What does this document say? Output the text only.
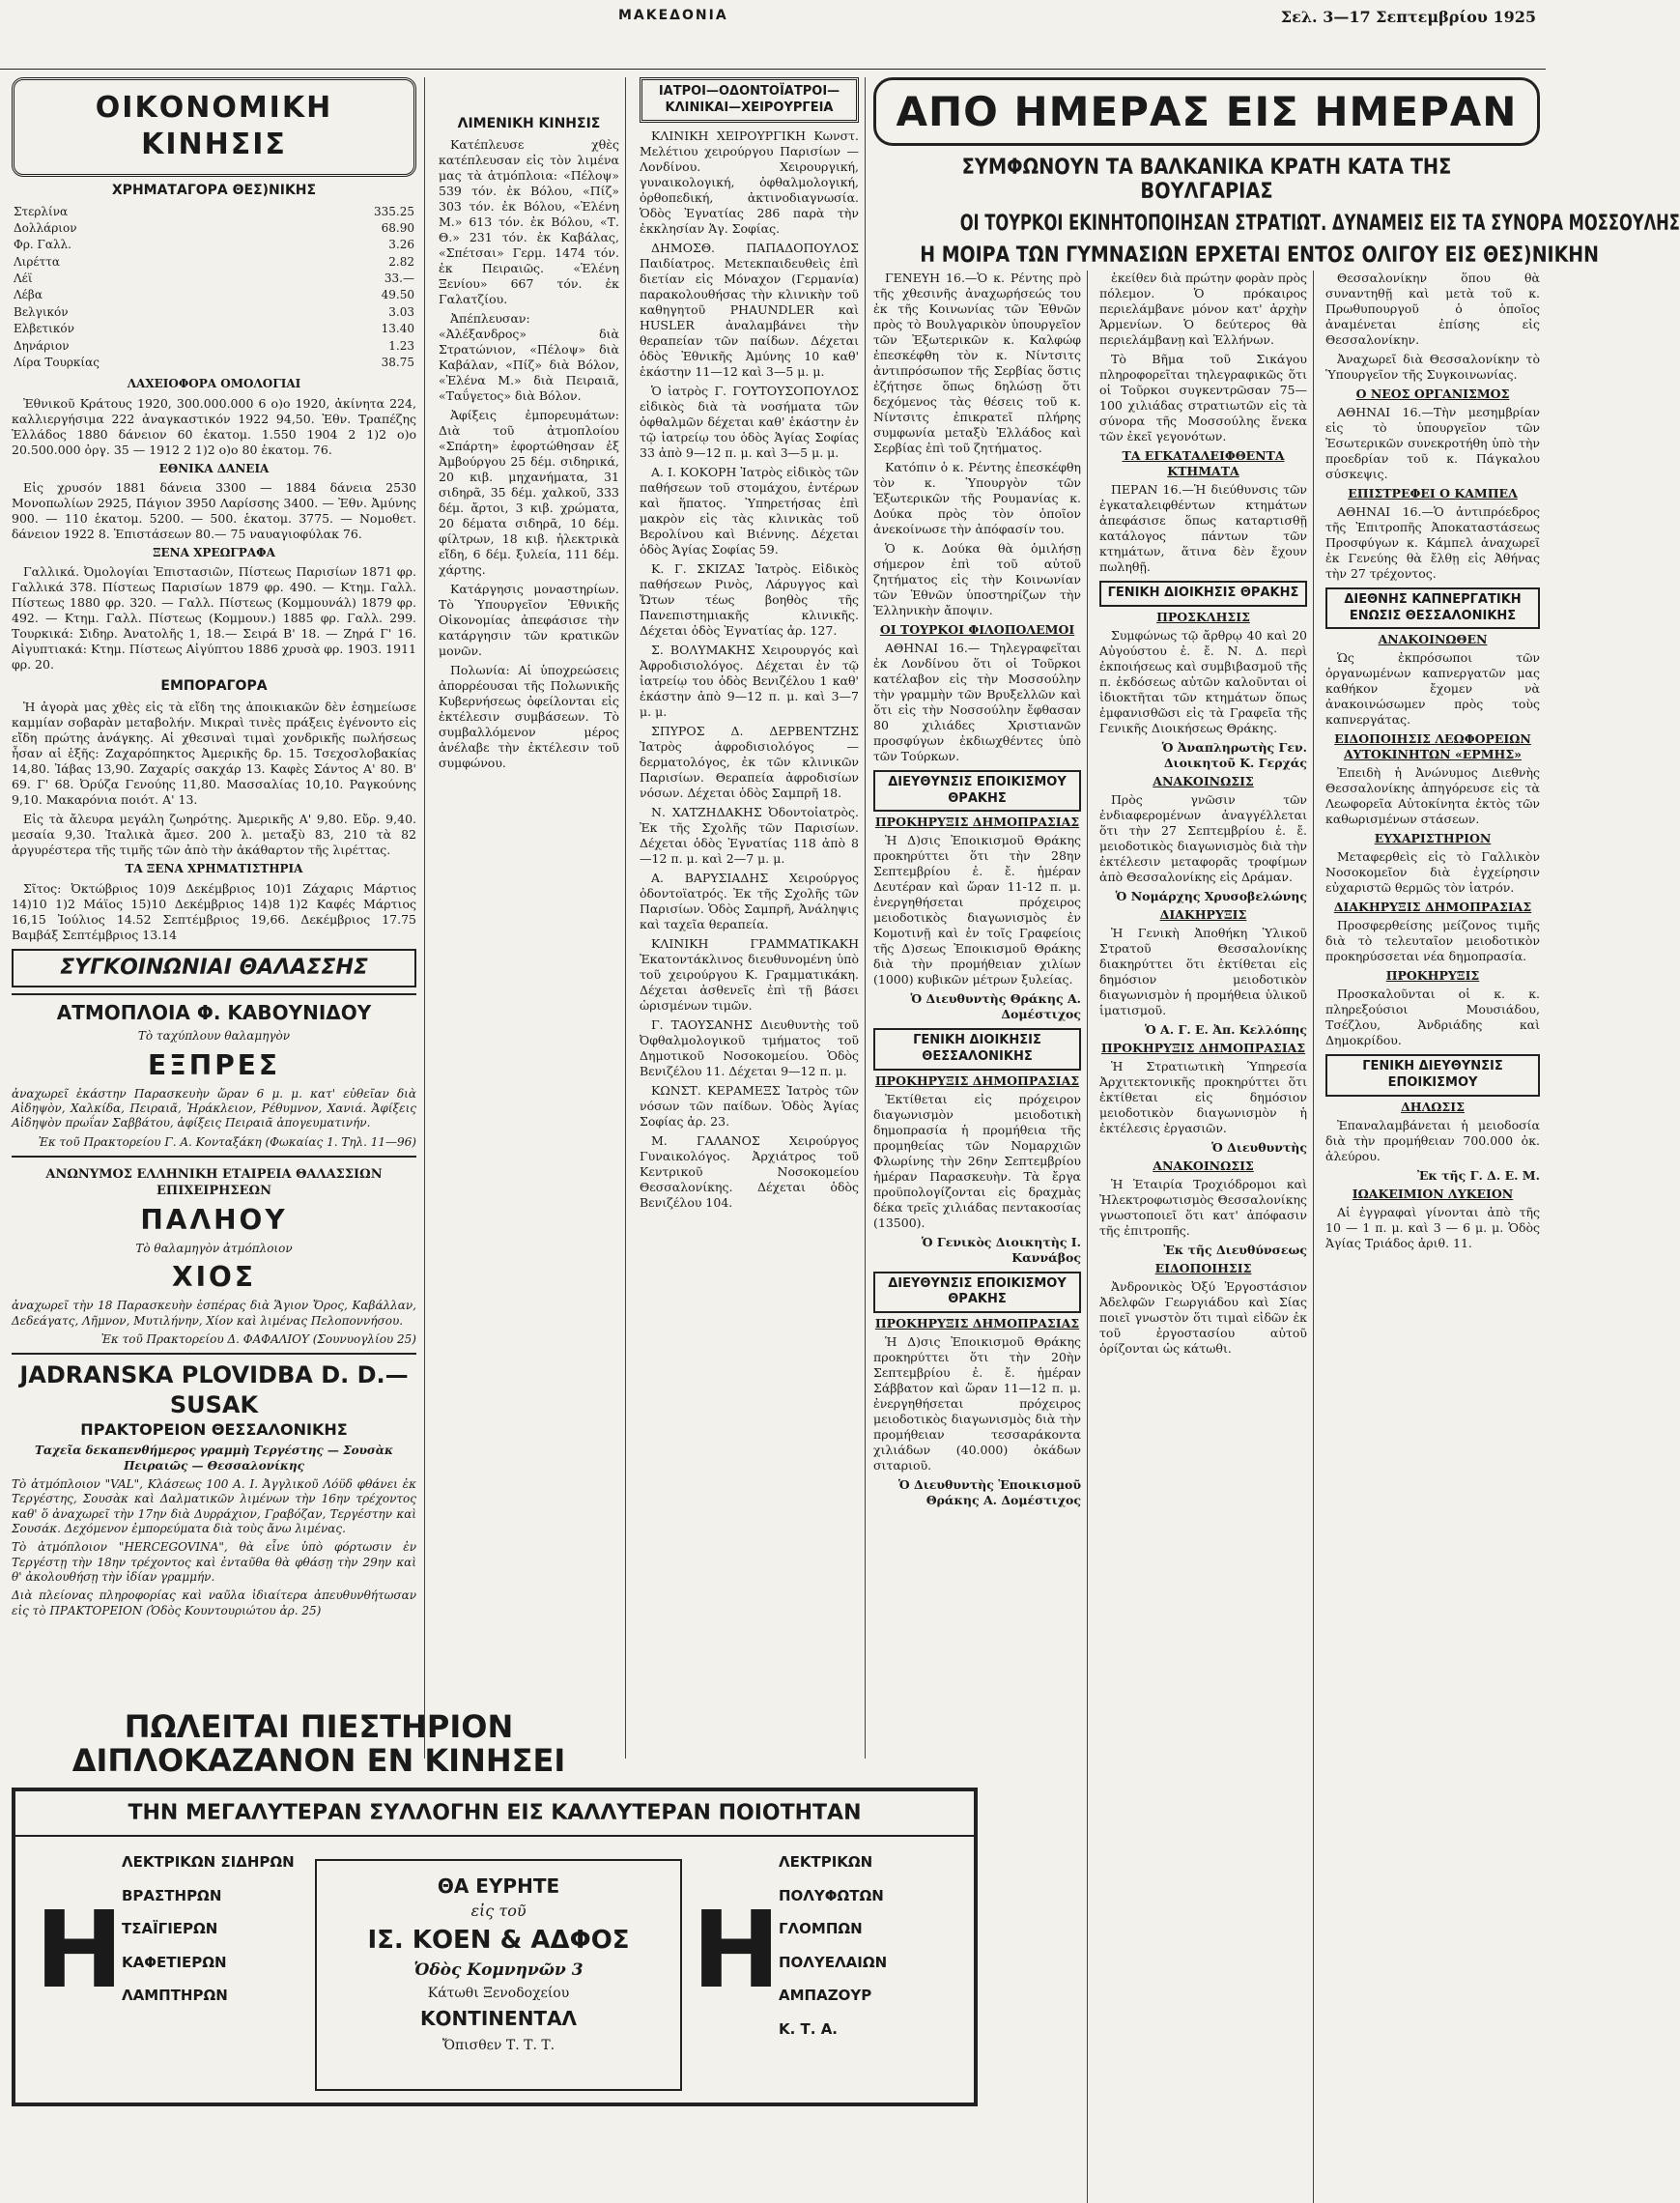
ΜΑΚΕΔΟΝΙΑ	Σελ. 3—17 Σεπτεμβρίου 1925
ΟΙΚΟΝΟΜΙΚΗ ΚΙΝΗΣΙΣ
ΧΡΗΜΑΤΑΓΟΡΑ ΘΕΣ)ΝΙΚΗΣ
Στερλίνα	335.25
Δολλάριον	68.90
Φρ. Γαλλ.	3.26
Λιρέττα	2.82
Λέϊ	33.—
Λέβα	49.50
Βελγικόν	3.03
Ελβετικόν	13.40
Δηνάριον	1.23
Λίρα Τουρκίας	38.75
ΛΑΧΕΙΟΦΟΡΑ ΟΜΟΛΟΓΙΑΙ

Ἐθνικοῦ Κράτους 1920, 300.000.000 6 ο)ο 1920, ἀκίνητα 224, καλλιεργήσιμα 222 ἀναγκαστικόν 1922 94,50. Ἐθν. Τραπέζης Ἑλλάδος 1880 δάνειον 60 ἑκατομ. 1.550 1904 2 1)2 ο)ο 20.500.000 ὀργ. 35 — 1912 2 1)2 ο)ο 80 ἑκατομ. 76.

ΕΘΝΙΚΑ ΔΑΝΕΙΑ

Εἰς χρυσόν 1881 δάνεια 3300 — 1884 δάνεια 2530 Μονοπωλίων 2925, Πάγιον 3950 Λαρίσσης 3400. — Ἐθν. Ἀμύνης 900. — 110 ἑκατομ. 5200. — 500. ἑκατομ. 3775. — Νομοθετ. δάνειον 1922 8. Ἐπιστάσεων 80.— 75 ναυαγιοφύλακ 76.

ΞΕΝΑ ΧΡΕΩΓΡΑΦΑ

Γαλλικά. Ὀμολογίαι Ἐπιστασιῶν, Πίστεως Παρισίων 1871 φρ. Γαλλικά 378. Πίστεως Παρισίων 1879 φρ. 490. — Κτημ. Γαλλ. Πίστεως 1880 φρ. 320. — Γαλλ. Πίστεως (Κομμουνάλ) 1879 φρ. 492. — Κτημ. Γαλλ. Πίστεως (Κομμουν.) 1885 φρ. Γαλλ. 299. Τουρκικά: Σιδηρ. Ἀνατολῆς 1, 18.— Σειρά Β' 18. — Ζηρά Γ' 16. Αἰγυπτιακά: Κτημ. Πίστεως Αἰγύπτου 1886 χρυσὰ φρ. 1903. 1911 φρ. 20.

ΕΜΠΟΡΑΓΟΡΑ

Ἡ ἀγορὰ μας χθὲς εἰς τὰ εἴδη της ἀποικιακῶν δὲν ἐσημείωσε καμμίαν σοβαρὰν μεταβολήν. Μικραὶ τινὲς πράξεις ἐγένοντο εἰς εἴδη πρώτης ἀνάγκης. Αἱ χθεσιναὶ τιμαὶ χονδρικῆς πωλήσεως ἦσαν αἱ ἑξῆς: Ζαχαρόπηκτος Ἀμερικῆς δρ. 15. Τσεχοσλοβακίας 14,80. Ἰάβας 13,90. Ζαχαρίς σακχάρ 13. Καφὲς Σάντος Α' 80. Β' 69. Γ' 68. Ὀρύζα Γενούης 11,80. Μασσαλίας 10,10. Ραγκούνης 9,10. Μακαρόνια ποιότ. Α' 13.

Εἰς τὰ ἄλευρα μεγάλη ζωηρότης. Ἀμερικῆς Α' 9,80. Εὔρ. 9,40. μεσαία 9,30. Ἰταλικὰ ἄμεσ. 200 λ. μεταξὺ 83, 210 τὰ 82 ἀργυρέστερα τῆς τιμῆς τῶν ἀπὸ τὴν ἀκάθαρτον τῆς λιρέττας.

ΤΑ ΞΕΝΑ ΧΡΗΜΑΤΙΣΤΗΡΙΑ

Σῖτος: Ὀκτώβριος 10)9 Δεκέμβριος 10)1 Ζάχαρις Μάρτιος 14)10 1)2 Μάϊος 15)10 Δεκέμβριος 14)8 1)2 Καφές Μάρτιος 16,15 Ἰούλιος 14.52 Σεπτέμβριος 19,66. Δεκέμβριος 17.75 Βαμβάξ Σεπτέμβριος 13.14

ΣΥΓΚΟΙΝΩΝΙΑΙ ΘΑΛΑΣΣΗΣ
ΑΤΜΟΠΛΟΙΑ Φ. ΚΑΒΟΥΝΙΔΟΥ
Τὸ ταχύπλουν θαλαμηγὸν
ΕΞΠΡΕΣ
ἀναχωρεῖ ἐκάστην Παρασκευὴν ὥραν 6 μ. μ. κατ' εὐθεῖαν διὰ Αἰδηψὸν, Χαλκίδα, Πειραιᾶ, Ἡράκλειον, Ρέθυμνον, Χανιά. Ἀφίξεις Αἰδηψὸν πρωΐαν Σαββάτου, ἀφίξεις Πειραιᾶ ἀπογευματινήν.
Ἐκ τοῦ Πρακτορείου Γ. Α. Κονταξάκη (Φωκαίας 1. Τηλ. 11—96)
ΑΝΩΝΥΜΟΣ ΕΛΛΗΝΙΚΗ ΕΤΑΙΡΕΙΑ ΘΑΛΑΣΣΙΩΝ ΕΠΙΧΕΙΡΗΣΕΩΝ
ΠΑΛΗΟΥ
Τὸ θαλαμηγὸν ἀτμόπλοιον
ΧΙΟΣ
ἀναχωρεῖ τὴν 18 Παρασκευὴν ἑσπέρας διὰ Ἅγιον Ὄρος, Καβάλλαν, Δεδεάγατς, Λῆμνον, Μυτιλήνην, Χίον καὶ λιμένας Πελοποννήσου.
Ἐκ τοῦ Πρακτορείου Δ. ΦΑΦΑΛΙΟΥ (Σουνυογλίου 25)
JADRANSKA PLOVIDBA D. D.—SUSAK
ΠΡΑΚΤΟΡΕΙΟΝ ΘΕΣΣΑΛΟΝΙΚΗΣ
Ταχεῖα δεκαπενθήμερος γραμμὴ Τεργέστης — Σουσὰκ Πειραιῶς — Θεσσαλονίκης
Τὸ ἀτμόπλοιον "VAL", Κλάσεως 100 Α. Ι. Ἀγγλικοῦ Λόϋδ φθάνει ἐκ Τεργέστης, Σουσὰκ καὶ Δαλματικῶν λιμένων τὴν 16ην τρέχοντος καθ' ὅ ἀναχωρεῖ τὴν 17ην διὰ Δυρράχιον, Γραβόζαν, Τεργέστην καὶ Σουσάκ. Δεχόμενον ἐμπορεύματα διὰ τοὺς ἄνω λιμένας.
Τὸ ἀτμόπλοιον "HERCEGOVINA", θὰ εἶνε ὑπὸ φόρτωσιν ἐν Τεργέστῃ τὴν 18ην τρέχοντος καὶ ἐνταῦθα θὰ φθάσῃ τὴν 29ην καὶ θ' ἀκολουθήσῃ τὴν ἰδίαν γραμμήν.
Διὰ πλείονας πληροφορίας καὶ ναῦλα ἰδιαίτερα ἀπευθυνθήτωσαν εἰς τὸ ΠΡΑΚΤΟΡΕΙΟΝ (Ὁδὸς Κουντουριώτου ἀρ. 25)
ΛΙΜΕΝΙΚΗ ΚΙΝΗΣΙΣ

Κατέπλευσε χθὲς κατέπλευσαν εἰς τὸν λιμένα μας τὰ ἀτμόπλοια: «Πέλοψ» 539 τόν. ἐκ Βόλου, «Πίζ» 303 τόν. ἐκ Βόλου, «Ἐλένη Μ.» 613 τόν. ἐκ Βόλου, «Τ. Θ.» 231 τόν. ἐκ Καβάλας, «Σπέτσαι» Γερμ. 1474 τόν. ἐκ Πειραιῶς. «Ἑλένη Ξενίου» 667 τόν. ἐκ Γαλατζίου.

Ἀπέπλευσαν: «Ἀλέξανδρος» διὰ Στρατώνιον, «Πέλοψ» διὰ Καβάλαν, «Πίζ» διὰ Βόλον, «Ἐλένα Μ.» διὰ Πειραιᾶ, «Ταΰγετος» διὰ Βόλον.

Ἀφίξεις ἐμπορευμάτων: Διὰ τοῦ ἀτμοπλοίου «Σπάρτη» ἐφορτώθησαν ἐξ Ἀμβούργου 25 δέμ. σιδηρικά, 20 κιβ. μηχανήματα, 31 σιδηρᾶ, 35 δέμ. χαλκοῦ, 333 δέμ. ἄρτοι, 3 κιβ. χρώματα, 20 δέματα σιδηρᾶ, 10 δέμ. φίλτρων, 18 κιβ. ἠλεκτρικὰ εἴδη, 6 δέμ. ξυλεία, 111 δέμ. χάρτης.

Κατάργησις μοναστηρίων. Τὸ Ὑπουργεῖον Ἐθνικῆς Οἰκονομίας ἀπεφάσισε τὴν κατάργησιν τῶν κρατικῶν μονῶν.

Πολωνία: Αἱ ὑποχρεώσεις ἀπορρέουσαι τῆς Πολωνικῆς Κυβερνήσεως ὀφείλονται εἰς ἐκτέλεσιν συμβάσεων. Τὸ συμβαλλόμενον μέρος ἀνέλαβε τὴν ἐκτέλεσιν τοῦ συμφώνου.

ΙΑΤΡΟΙ—ΟΔΟΝΤΟΪΑΤΡΟΙ—ΚΛΙΝΙΚΑΙ—ΧΕΙΡΟΥΡΓΕΙΑ

ΚΛΙΝΙΚΗ ΧΕΙΡΟΥΡΓΙΚΗ Κωνστ. Μελέτιου χειρούργου Παρισίων — Λονδίνου. Χειρουργική, γυναικολογική, ὀφθαλμολογική, ὀρθοπεδική, ἀκτινοδιαγνωσία. Ὁδὸς Ἐγνατίας 286 παρὰ τὴν ἐκκλησίαν Ἁγ. Σοφίας.

ΔΗΜΟΣΘ. ΠΑΠΑΔΟΠΟΥΛΟΣ Παιδίατρος. Μετεκπαιδευθεὶς ἐπὶ διετίαν εἰς Μόναχον (Γερμανία) παρακολουθήσας τὴν κλινικὴν τοῦ καθηγητοῦ PHAUNDLER καὶ HUSLER ἀναλαμβάνει τὴν θεραπείαν τῶν παίδων. Δέχεται ὁδὸς Ἐθνικῆς Ἀμύνης 10 καθ' ἑκάστην 11—12 καὶ 3—5 μ. μ.

Ὁ ἰατρὸς Γ. ΓΟΥΤΟΥΣΟΠΟΥΛΟΣ εἰδικὸς διὰ τὰ νοσήματα τῶν ὀφθαλμῶν δέχεται καθ' ἑκάστην ἐν τῷ ἰατρείῳ του ὁδὸς Ἁγίας Σοφίας 33 ἀπὸ 9—12 π. μ. καὶ 3—5 μ. μ.

Α. Ι. ΚΟΚΟΡΗ Ἰατρὸς εἰδικὸς τῶν παθήσεων τοῦ στομάχου, ἐντέρων καὶ ἥπατος. Ὑπηρετήσας ἐπὶ μακρὸν εἰς τὰς κλινικὰς τοῦ Βερολίνου καὶ Βιέννης. Δέχεται ὁδὸς Ἁγίας Σοφίας 59.

Κ. Γ. ΣΚΙΖΑΣ Ἰατρὸς. Εἰδικὸς παθήσεων Ρινὸς, Λάρυγγος καὶ Ὤτων τέως βοηθὸς τῆς Πανεπιστημιακῆς κλινικῆς. Δέχεται ὁδὸς Ἐγνατίας ἀρ. 127.

Σ. ΒΟΛΥΜΑΚΗΣ Χειρουργός καὶ Ἀφροδισιολόγος. Δέχεται ἐν τῷ ἰατρείῳ του ὁδὸς Βενιζέλου 1 καθ' ἑκάστην ἀπὸ 9—12 π. μ. καὶ 3—7 μ. μ.

ΣΠΥΡΟΣ Δ. ΔΕΡΒΕΝΤΖΗΣ Ἰατρὸς ἀφροδισιολόγος — δερματολόγος, ἐκ τῶν κλινικῶν Παρισίων. Θεραπεία ἀφροδισίων νόσων. Δέχεται ὁδὸς Σαμπρῆ 18.

Ν. ΧΑΤΖΗΔΑΚΗΣ Ὀδοντοἰατρὸς. Ἐκ τῆς Σχολῆς τῶν Παρισίων. Δέχεται ὁδὸς Ἐγνατίας 118 ἀπὸ 8—12 π. μ. καὶ 2—7 μ. μ.

Α. ΒΑΡΥΣΙΑΔΗΣ Χειρούργος ὀδοντοϊατρός. Ἐκ τῆς Σχολῆς τῶν Παρισίων. Ὁδὸς Σαμπρῆ, Ἀνάληψις καὶ ταχεῖα θεραπεία.

ΚΛΙΝΙΚΗ ΓΡΑΜΜΑΤΙΚΑΚΗ Ἐκατοντάκλινος διευθυνομένη ὑπὸ τοῦ χειρούργου Κ. Γραμματικάκη. Δέχεται ἀσθενεῖς ἐπὶ τῇ βάσει ὡρισμένων τιμῶν.

Γ. ΤΑΟΥΣΑΝΗΣ Διευθυντὴς τοῦ Ὀφθαλμολογικοῦ τμήματος τοῦ Δημοτικοῦ Νοσοκομείου. Ὁδὸς Βενιζέλου 11. Δέχεται 9—12 π. μ.

ΚΩΝΣΤ. ΚΕΡΑΜΕΞΣ Ἰατρὸς τῶν νόσων τῶν παίδων. Ὁδὸς Ἁγίας Σοφίας ἀρ. 23.

Μ. ΓΑΛΑΝΟΣ Χειρούργος Γυναικολόγος. Ἀρχιάτρος τοῦ Κεντρικοῦ Νοσοκομείου Θεσσαλονίκης. Δέχεται ὁδὸς Βενιζέλου 104.

ΠΩΛΕΙΤΑΙ ΠΙΕΣΤΗΡΙΟΝ
ΔΙΠΛΟΚΑΖΑΝΟΝ ΕΝ ΚΙΝΗΣΕΙ
ΤΗΝ ΜΕΓΑΛΥΤΕΡΑΝ ΣΥΛΛΟΓΗΝ ΕΙΣ ΚΑΛΛΥΤΕΡΑΝ ΠΟΙΟΤΗΤΑΝ
Η
ΛΕΚΤΡΙΚΩΝ ΣΙΔΗΡΩΝ
ΒΡΑΣΤΗΡΩΝ
ΤΣΑΪΓΙΕΡΩΝ
ΚΑΦΕΤΙΕΡΩΝ
ΛΑΜΠΤΗΡΩΝ
ΘΑ ΕΥΡΗΤΕ
εἰς τοῦ
ΙΣ. ΚΟΕΝ & ΑΔΦΟΣ
Ὁδὸς Κομνηνῶν 3
Κάτωθι Ξενοδοχείου
ΚΟΝΤΙΝΕΝΤΑΛ
Ὄπισθεν Τ. Τ. Τ.
Η
ΛΕΚΤΡΙΚΩΝ ΠΟΛΥΦΩΤΩΝ
ΓΛΟΜΠΩΝ
ΠΟΛΥΕΛΑΙΩΝ
ΑΜΠΑΖΟΥΡ
Κ. Τ. Α.
ΑΠΟ ΗΜΕΡΑΣ ΕΙΣ ΗΜΕΡΑΝ
ΣΥΜΦΩΝΟΥΝ ΤΑ ΒΑΛΚΑΝΙΚΑ ΚΡΑΤΗ ΚΑΤΑ ΤΗΣ ΒΟΥΛΓΑΡΙΑΣ
ΟΙ ΤΟΥΡΚΟΙ ΕΚΙΝΗΤΟΠΟΙΗΣΑΝ ΣΤΡΑΤΙΩΤ. ΔΥΝΑΜΕΙΣ ΕΙΣ ΤΑ ΣΥΝΟΡΑ ΜΟΣΣΟΥΛΗΣ
Η ΜΟΙΡΑ ΤΩΝ ΓΥΜΝΑΣΙΩΝ ΕΡΧΕΤΑΙ ΕΝΤΟΣ ΟΛΙΓΟΥ ΕΙΣ ΘΕΣ)ΝΙΚΗΝ

ΓΕΝΕΥΗ 16.—Ὁ κ. Ρέντης πρὸ τῆς χθεσινῆς ἀναχωρήσεώς του ἐκ τῆς Κοινωνίας τῶν Ἐθνῶν πρὸς τὸ Βουλγαρικὸν ὑπουργεῖον τῶν Ἐξωτερικῶν κ. Καλφώφ ἐπεσκέφθη τὸν κ. Νίντσιτς ἀντιπρόσωπον τῆς Σερβίας ὅστις ἐζήτησε ὅπως δηλώσῃ ὅτι δεχόμενος τὰς θέσεις τοῦ κ. Νίντσιτς ἐπικρατεῖ πλήρης συμφωνία μεταξὺ Ἑλλάδος καὶ Σερβίας ἐπὶ τοῦ ζητήματος.

Κατόπιν ὁ κ. Ρέντης ἐπεσκέφθη τὸν κ. Ὑπουργὸν τῶν Ἐξωτερικῶν τῆς Ρουμανίας κ. Δούκα πρὸς τὸν ὁποῖον ἀνεκοίνωσε τὴν ἀπόφασίν του.

Ὁ κ. Δούκα θὰ ὁμιλήσῃ σήμερον ἐπὶ τοῦ αὐτοῦ ζητήματος εἰς τὴν Κοινωνίαν τῶν Ἐθνῶν ὑποστηρίζων τὴν Ἑλληνικὴν ἄποψιν.

ΟΙ ΤΟΥΡΚΟΙ ΦΙΛΟΠΟΛΕΜΟΙ

ΑΘΗΝΑΙ 16.— Τηλεγραφεῖται ἐκ Λονδίνου ὅτι οἱ Τοῦρκοι κατέλαβον εἰς τὴν Μοσσούλην τὴν γραμμὴν τῶν Βρυξελλῶν καὶ ὅτι εἰς τὴν Νοσσούλην ἔφθασαν 80 χιλιάδες Χριστιανῶν προσφύγων ἐκδιωχθέντες ὑπὸ τῶν Τούρκων.

ΔΙΕΥΘΥΝΣΙΣ ΕΠΟΙΚΙΣΜΟΥ ΘΡΑΚΗΣ
ΠΡΟΚΗΡΥΞΙΣ ΔΗΜΟΠΡΑΣΙΑΣ

Ἡ Δ)σις Ἐποικισμοῦ Θράκης προκηρύττει ὅτι τὴν 28ην Σεπτεμβρίου ἐ. ἔ. ἡμέραν Δευτέραν καὶ ὥραν 11-12 π. μ. ἐνεργηθήσεται πρόχειρος μειοδοτικὸς διαγωνισμὸς ἐν Κομοτινῇ καὶ ἐν τοῖς Γραφείοις τῆς Δ)σεως Ἐποικισμοῦ Θράκης διὰ τὴν προμήθειαν χιλίων (1000) κυβικῶν μέτρων ξυλείας.

Ὁ Διευθυντὴς Θράκης Α. Δομέστιχος
ΓΕΝΙΚΗ ΔΙΟΙΚΗΣΙΣ ΘΕΣΣΑΛΟΝΙΚΗΣ
ΠΡΟΚΗΡΥΞΙΣ ΔΗΜΟΠΡΑΣΙΑΣ

Ἐκτίθεται εἰς πρόχειρον διαγωνισμὸν μειοδοτικὴ δημοπρασία ἡ προμήθεια τῆς προμηθείας τῶν Νομαρχιῶν Φλωρίνης τὴν 26ην Σεπτεμβρίου ἡμέραν Παρασκευὴν. Τὰ ἔργα προϋπολογίζονται εἰς δραχμὰς δέκα τρεῖς χιλιάδας πεντακοσίας (13500).

Ὁ Γενικὸς Διοικητὴς Ι. Καννάβος
ΔΙΕΥΘΥΝΣΙΣ ΕΠΟΙΚΙΣΜΟΥ ΘΡΑΚΗΣ
ΠΡΟΚΗΡΥΞΙΣ ΔΗΜΟΠΡΑΣΙΑΣ

Ἡ Δ)σις Ἐποικισμοῦ Θράκης προκηρύττει ὅτι τὴν 20ὴν Σεπτεμβρίου ἐ. ἔ. ἡμέραν Σάββατον καὶ ὥραν 11—12 π. μ. ἐνεργηθήσεται πρόχειρος μειοδοτικὸς διαγωνισμὸς διὰ τὴν προμήθειαν τεσσαράκοντα χιλιάδων (40.000) ὀκάδων σιταριοῦ.

Ὁ Διευθυντὴς Ἐποικισμοῦ Θράκης Α. Δομέστιχος

ἐκείθεν διὰ πρώτην φορὰν πρὸς πόλεμον. Ὁ πρόκαιρος περιελάμβανε μόνον κατ' ἀρχὴν Ἀρμενίων. Ὁ δεύτερος θὰ περιελάμβανῃ καὶ Ἑλλήνων.

Τὸ Βῆμα τοῦ Σικάγου πληροφορεῖται τηλεγραφικῶς ὅτι οἱ Τοῦρκοι συγκεντρῶσαν 75—100 χιλιάδας στρατιωτῶν εἰς τὰ σύνορα τῆς Μοσσούλης ἕνεκα τῶν ἐκεῖ γεγονότων.

ΤΑ ΕΓΚΑΤΑΛΕΙΦΘΕΝΤΑ ΚΤΗΜΑΤΑ

ΠΕΡΑΝ 16.—Ἡ διεύθυνσις τῶν ἐγκαταλειφθέντων κτημάτων ἀπεφάσισε ὅπως καταρτισθῇ κατάλογος πάντων τῶν κτημάτων, ἅτινα δὲν ἔχουν πωληθῇ.

ΓΕΝΙΚΗ ΔΙΟΙΚΗΣΙΣ ΘΡΑΚΗΣ
ΠΡΟΣΚΛΗΣΙΣ

Συμφώνως τῷ ἄρθρῳ 40 καὶ 20 Αὐγούστου ἐ. ἔ. Ν. Δ. περὶ ἐκποιήσεως καὶ συμβιβασμοῦ τῆς π. ἐκδόσεως αὐτῶν καλοῦνται οἱ ἰδιοκτῆται τῶν κτημάτων ὅπως ἐμφανισθῶσι εἰς τὰ Γραφεῖα τῆς Γενικῆς Διοικήσεως Θράκης.

Ὁ Ἀναπληρωτὴς Γεν. Διοικητοῦ Κ. Γερχάς
ΑΝΑΚΟΙΝΩΣΙΣ

Πρὸς γνῶσιν τῶν ἐνδιαφερομένων ἀναγγέλλεται ὅτι τὴν 27 Σεπτεμβρίου ἐ. ἔ. μειοδοτικὸς διαγωνισμὸς διὰ τὴν ἐκτέλεσιν μεταφορᾶς τροφίμων ἀπὸ Θεσσαλονίκης εἰς Δράμαν.

Ὁ Νομάρχης Χρυσοβελώνης
ΔΙΑΚΗΡΥΞΙΣ

Ἡ Γενικὴ Ἀποθήκη Ὑλικοῦ Στρατοῦ Θεσσαλονίκης διακηρύττει ὅτι ἐκτίθεται εἰς δημόσιον μειοδοτικὸν διαγωνισμὸν ἡ προμήθεια ὑλικοῦ ἱματισμοῦ.

Ὁ Α. Γ. Ε. Ἀπ. Κελλόπης
ΠΡΟΚΗΡΥΞΙΣ ΔΗΜΟΠΡΑΣΙΑΣ

Ἡ Στρατιωτικὴ Ὑπηρεσία Ἀρχιτεκτονικῆς προκηρύττει ὅτι ἐκτίθεται εἰς δημόσιον μειοδοτικὸν διαγωνισμὸν ἡ ἐκτέλεσις ἐργασιῶν.

Ὁ Διευθυντὴς
ΑΝΑΚΟΙΝΩΣΙΣ

Ἡ Ἑταιρία Τροχιόδρομοι καὶ Ἠλεκτροφωτισμὸς Θεσσαλονίκης γνωστοποιεῖ ὅτι κατ' ἀπόφασιν τῆς ἐπιτροπῆς.

Ἐκ τῆς Διευθύνσεως
ΕΙΔΟΠΟΙΗΣΙΣ

Ἀνδρονικὸς Ὀξύ Ἐργοστάσιον Ἀδελφῶν Γεωργιάδου καὶ Σίας ποιεῖ γνωστὸν ὅτι τιμαὶ εἰδῶν ἐκ τοῦ ἐργοστασίου αὐτοῦ ὁρίζονται ὡς κάτωθι.

Θεσσαλονίκην ὅπου θὰ συναντηθῇ καὶ μετὰ τοῦ κ. Πρωθυπουργοῦ ὁ ὁποῖος ἀναμένεται ἐπίσης εἰς Θεσσαλονίκην.

Ἀναχωρεῖ διὰ Θεσσαλονίκην τὸ Ὑπουργεῖον τῆς Συγκοινωνίας.

Ο ΝΕΟΣ ΟΡΓΑΝΙΣΜΟΣ

ΑΘΗΝΑΙ 16.—Τὴν μεσημβρίαν εἰς τὸ ὑπουργεῖον τῶν Ἐσωτερικῶν συνεκροτήθη ὑπὸ τὴν προεδρίαν τοῦ κ. Πάγκαλου σύσκεψις.

ΕΠΙΣΤΡΕΦΕΙ Ο ΚΑΜΠΕΛ

ΑΘΗΝΑΙ 16.—Ὁ ἀντιπρόεδρος τῆς Ἐπιτροπῆς Ἀποκαταστάσεως Προσφύγων κ. Κάμπελ ἀναχωρεῖ ἐκ Γενεύης θὰ ἔλθῃ εἰς Ἀθήνας τὴν 27 τρέχοντος.

ΔΙΕΘΝΗΣ ΚΑΠΝΕΡΓΑΤΙΚΗ ΕΝΩΣΙΣ ΘΕΣΣΑΛΟΝΙΚΗΣ
ΑΝΑΚΟΙΝΩΘΕΝ

Ὡς ἐκπρόσωποι τῶν ὀργανωμένων καπνεργατῶν μας καθήκον ἔχομεν νὰ ἀνακοινώσωμεν πρὸς τοὺς καπνεργάτας.

ΕΙΔΟΠΟΙΗΣΙΣ ΛΕΩΦΟΡΕΙΩΝ ΑΥΤΟΚΙΝΗΤΩΝ «ΕΡΜΗΣ»

Ἐπειδὴ ἡ Ἀνώνυμος Διεθνὴς Θεσσαλονίκης ἀπηγόρευσε εἰς τὰ Λεωφορεῖα Αὐτοκίνητα ἐκτὸς τῶν καθωρισμένων στάσεων.

ΕΥΧΑΡΙΣΤΗΡΙΟΝ

Μεταφερθεὶς εἰς τὸ Γαλλικὸν Νοσοκομεῖον διὰ ἐγχείρησιν εὐχαριστῶ θερμῶς τὸν ἰατρόν.

ΔΙΑΚΗΡΥΞΙΣ ΔΗΜΟΠΡΑΣΙΑΣ

Προσφερθείσης μείζονος τιμῆς διὰ τὸ τελευταῖον μειοδοτικὸν προκηρύσσεται νέα δημοπρασία.

ΠΡΟΚΗΡΥΞΙΣ

Προσκαλοῦνται οἱ κ. κ. πληρεξούσιοι Μουσιάδου, Τσέζλου, Ἀνδριάδης καὶ Δημοκρίδου.

ΓΕΝΙΚΗ ΔΙΕΥΘΥΝΣΙΣ ΕΠΟΙΚΙΣΜΟΥ
ΔΗΛΩΣΙΣ

Ἐπαναλαμβάνεται ἡ μειοδοσία διὰ τὴν προμήθειαν 700.000 ὀκ. ἀλεύρου.

Ἐκ τῆς Γ. Δ. Ε. Μ.
ΙΩΑΚΕΙΜΙΟΝ ΛΥΚΕΙΟΝ

Αἱ ἐγγραφαὶ γίνονται ἀπὸ τῆς 10 — 1 π. μ. καὶ 3 — 6 μ. μ. Ὁδὸς Ἁγίας Τριάδος ἀριθ. 11.
